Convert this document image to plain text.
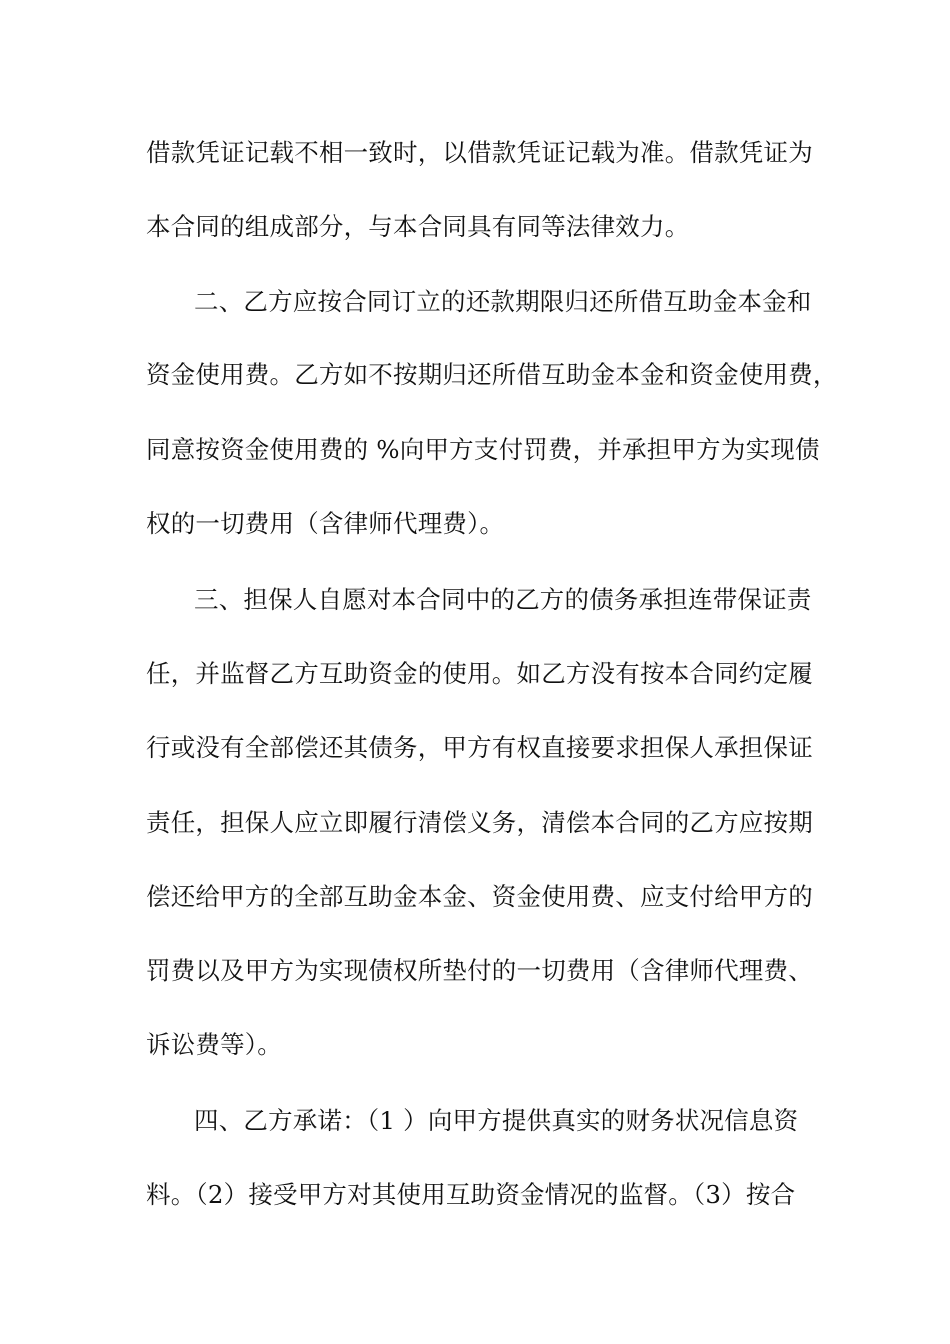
借款凭证记载不相一致时，以借款凭证记载为准。借款凭证为
本合同的组成部分，与本合同具有同等法律效力。
二、乙方应按合同订立的还款期限归还所借互助金本金和
资金使用费。乙方如不按期归还所借互助金本金和资金使用费，
同意按资金使用费的 %向甲方支付罚费，并承担甲方为实现债
权的一切费用（含律师代理费）。
三、担保人自愿对本合同中的乙方的债务承担连带保证责
任，并监督乙方互助资金的使用。如乙方没有按本合同约定履
行或没有全部偿还其债务，甲方有权直接要求担保人承担保证
责任，担保人应立即履行清偿义务，清偿本合同的乙方应按期
偿还给甲方的全部互助金本金、资金使用费、应支付给甲方的
罚费以及甲方为实现债权所垫付的一切费用（含律师代理费、
诉讼费等）。
四、乙方承诺：（1 ）向甲方提供真实的财务状况信息资
料。（2）接受甲方对其使用互助资金情况的监督。（3）按合
